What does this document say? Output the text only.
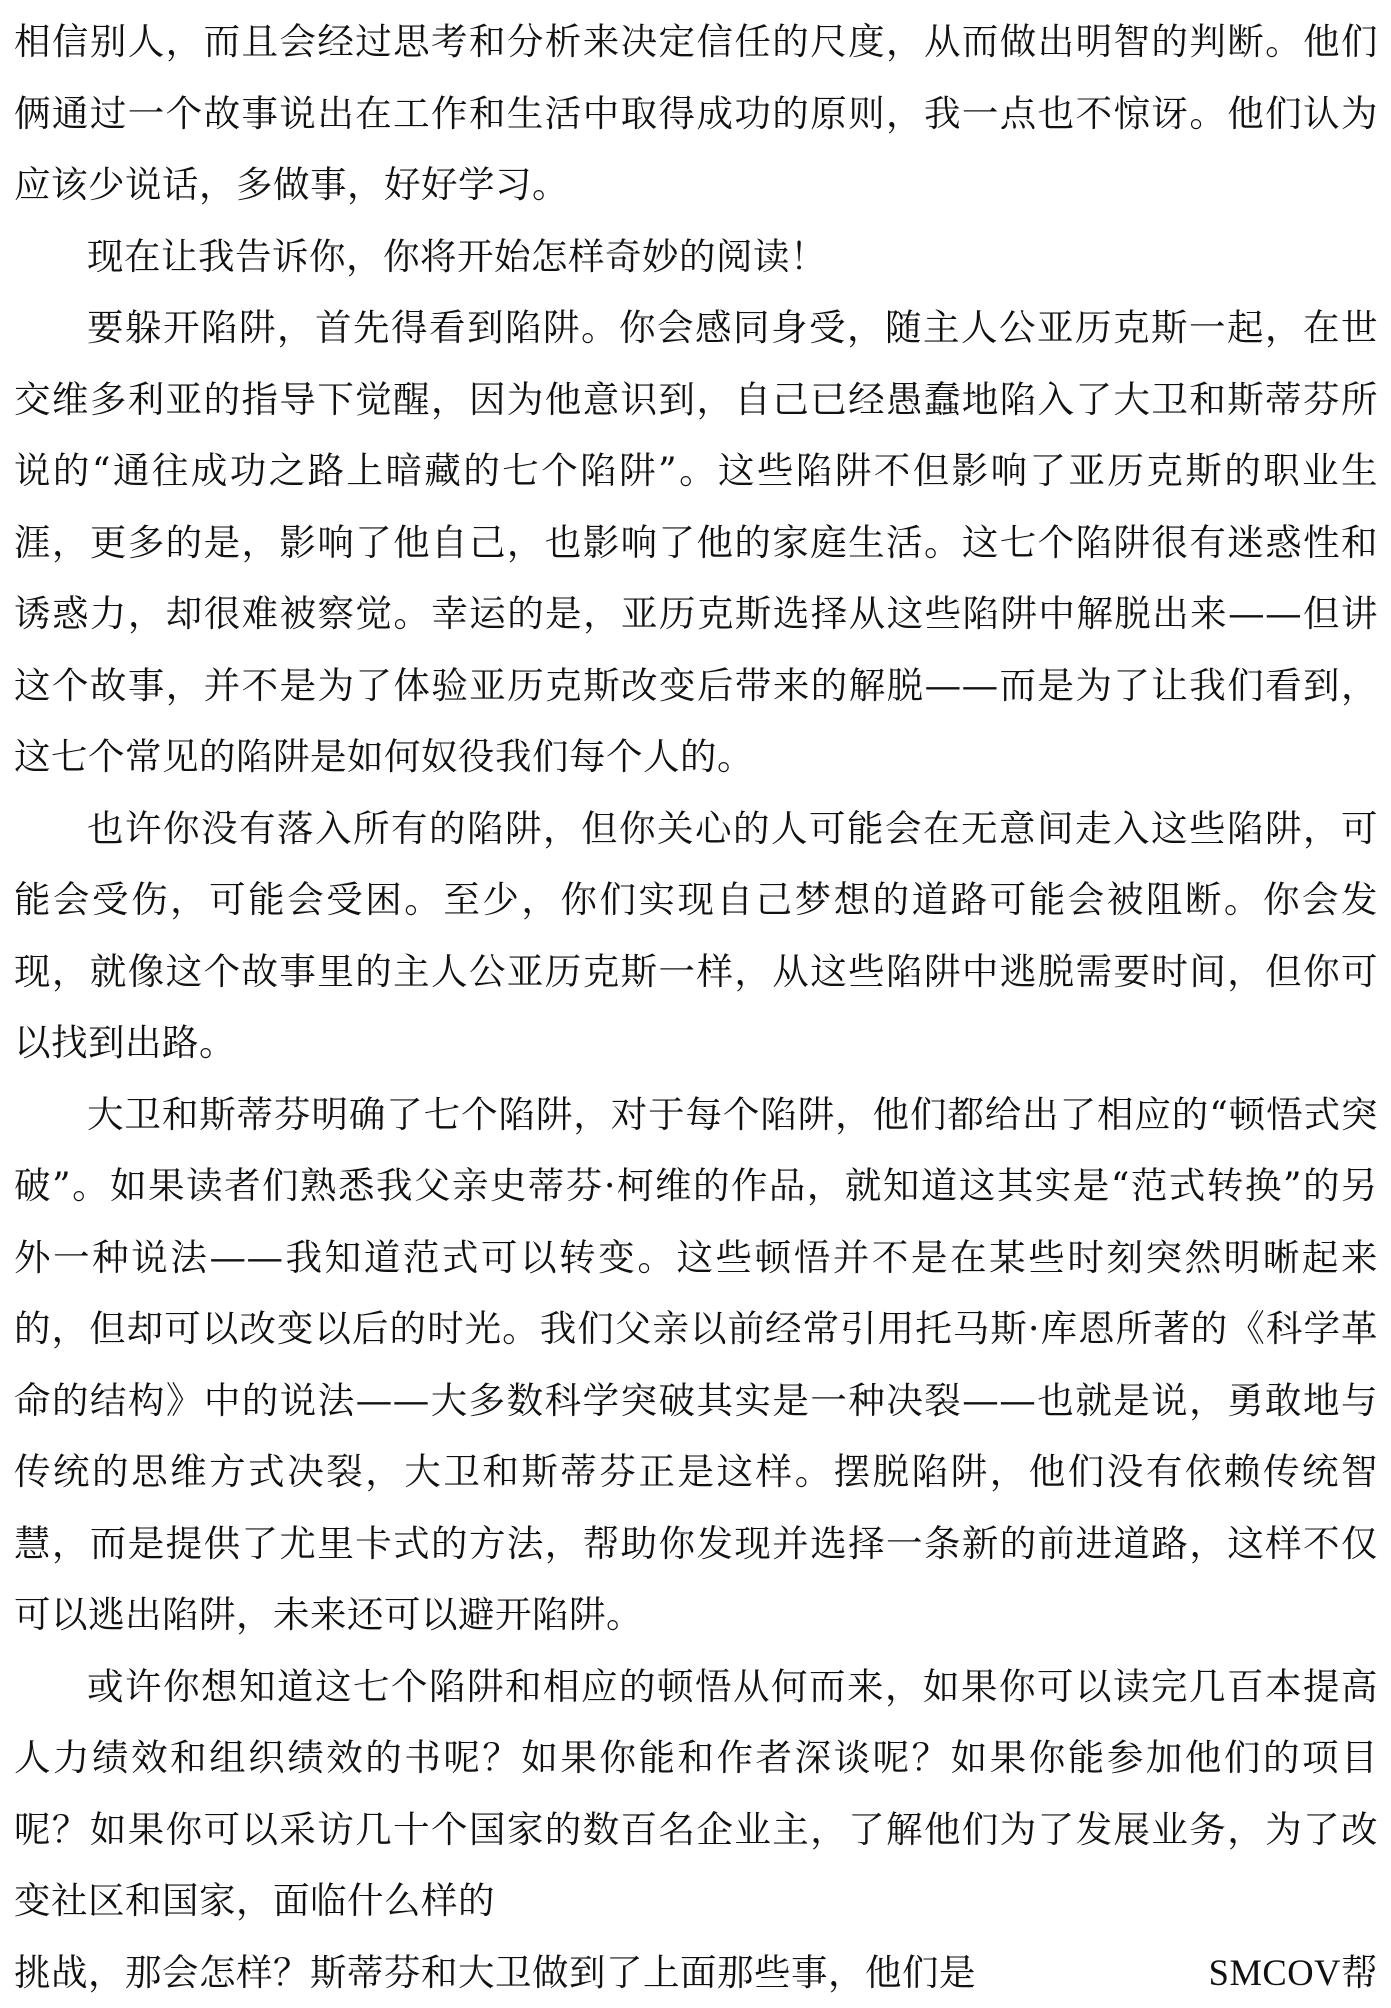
相信别人，而且会经过思考和分析来决定信任的尺度，从而做出明智的判断。他们俩通过一个故事说出在工作和生活中取得成功的原则，我一点也不惊讶。他们认为应该少说话，多做事，好好学习。

现在让我告诉你，你将开始怎样奇妙的阅读！

要躲开陷阱，首先得看到陷阱。你会感同身受，随主人公亚历克斯一起，在世交维多利亚的指导下觉醒，因为他意识到，自己已经愚蠢地陷入了大卫和斯蒂芬所说的“通往成功之路上暗藏的七个陷阱”。这些陷阱不但影响了亚历克斯的职业生涯，更多的是，影响了他自己，也影响了他的家庭生活。这七个陷阱很有迷惑性和诱惑力，却很难被察觉。幸运的是，亚历克斯选择从这些陷阱中解脱出来——但讲这个故事，并不是为了体验亚历克斯改变后带来的解脱——而是为了让我们看到，这七个常见的陷阱是如何奴役我们每个人的。

也许你没有落入所有的陷阱，但你关心的人可能会在无意间走入这些陷阱，可能会受伤，可能会受困。至少，你们实现自己梦想的道路可能会被阻断。你会发现，就像这个故事里的主人公亚历克斯一样，从这些陷阱中逃脱需要时间，但你可以找到出路。

大卫和斯蒂芬明确了七个陷阱，对于每个陷阱，他们都给出了相应的“顿悟式突破”。如果读者们熟悉我父亲史蒂芬·柯维的作品，就知道这其实是“范式转换”的另外一种说法——我知道范式可以转变。这些顿悟并不是在某些时刻突然明晰起来的，但却可以改变以后的时光。我们父亲以前经常引用托马斯·库恩所著的《科学革命的结构》中的说法——大多数科学突破其实是一种决裂——也就是说，勇敢地与传统的思维方式决裂，大卫和斯蒂芬正是这样。摆脱陷阱，他们没有依赖传统智慧，而是提供了尤里卡式的方法，帮助你发现并选择一条新的前进道路，这样不仅可以逃出陷阱，未来还可以避开陷阱。

或许你想知道这七个陷阱和相应的顿悟从何而来，如果你可以读完几百本提高人力绩效和组织绩效的书呢？如果你能和作者深谈呢？如果你能参加他们的项目呢？如果你可以采访几十个国家的数百名企业主，了解他们为了发展业务，为了改变社区和国家，面临什么样的

挑战，那会怎样？斯蒂芬和大卫做到了上面那些事，他们是	SMCOV帮
